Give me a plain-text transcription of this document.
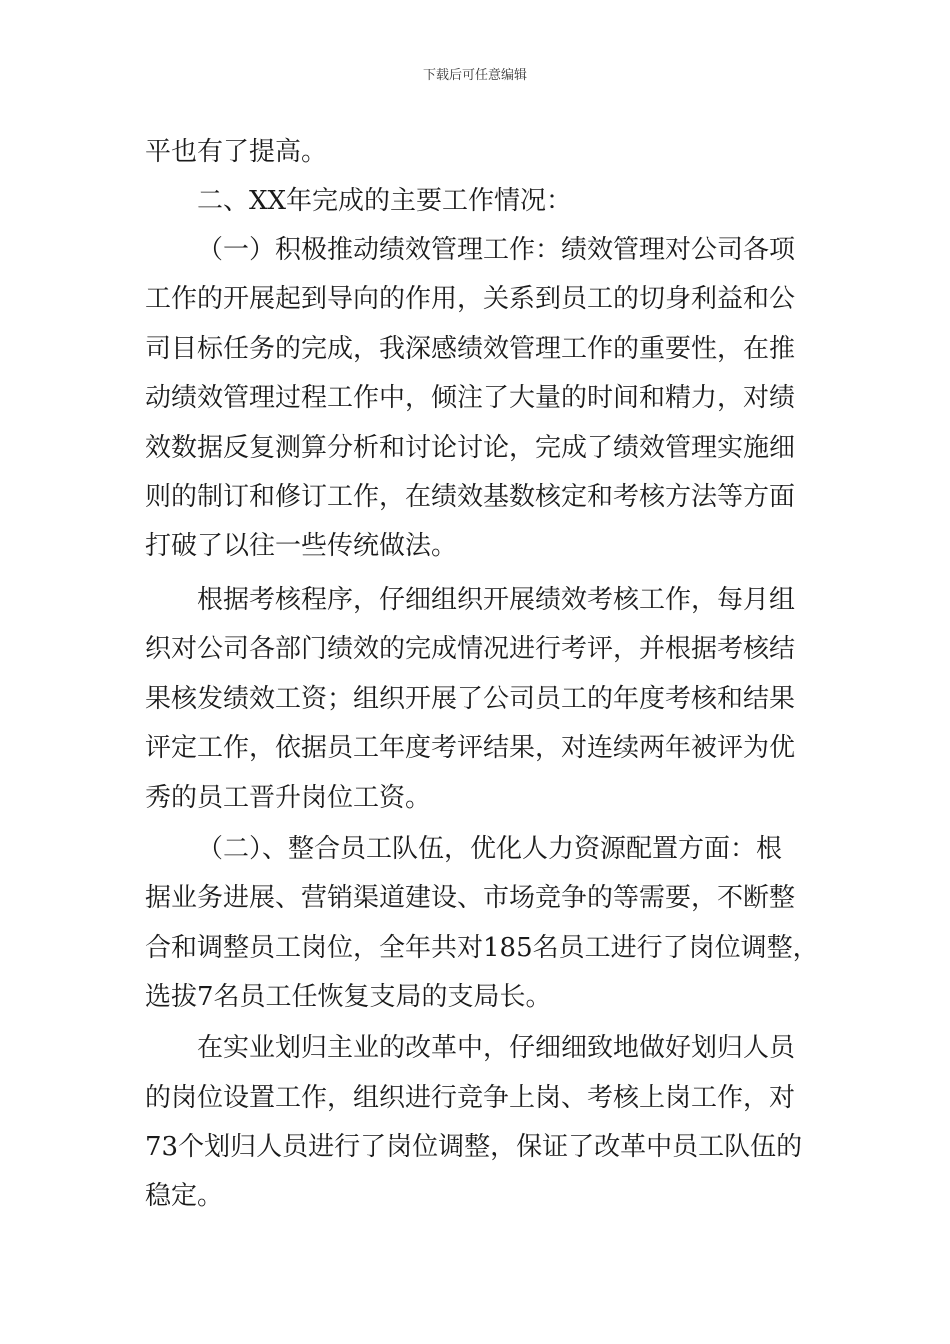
下载后可任意编辑
平也有了提高。
二、XX年完成的主要工作情况：
（一）积极推动绩效管理工作：绩效管理对公司各项
工作的开展起到导向的作用，关系到员工的切身利益和公
司目标任务的完成，我深感绩效管理工作的重要性，在推
动绩效管理过程工作中，倾注了大量的时间和精力，对绩
效数据反复测算分析和讨论讨论，完成了绩效管理实施细
则的制订和修订工作，在绩效基数核定和考核方法等方面
打破了以往一些传统做法。
根据考核程序，仔细组织开展绩效考核工作，每月组
织对公司各部门绩效的完成情况进行考评，并根据考核结
果核发绩效工资；组织开展了公司员工的年度考核和结果
评定工作，依据员工年度考评结果，对连续两年被评为优
秀的员工晋升岗位工资。
（二）、整合员工队伍，优化人力资源配置方面：根
据业务进展、营销渠道建设、市场竞争的等需要，不断整
合和调整员工岗位，全年共对185名员工进行了岗位调整，
选拔7名员工任恢复支局的支局长。
在实业划归主业的改革中，仔细细致地做好划归人员
的岗位设置工作，组织进行竞争上岗、考核上岗工作，对
73个划归人员进行了岗位调整，保证了改革中员工队伍的
稳定。
